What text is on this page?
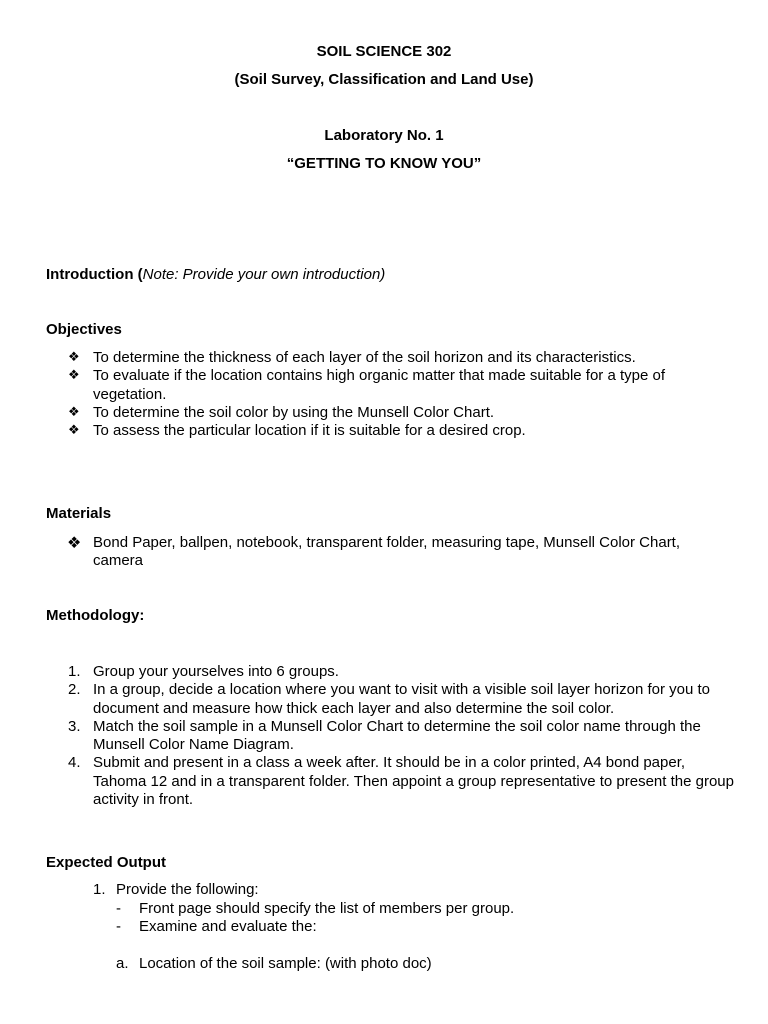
SOIL SCIENCE 302
(Soil Survey, Classification and Land Use)
Laboratory No. 1
“GETTING TO KNOW YOU”
Introduction (Note: Provide your own introduction)
Objectives
❖ To determine the thickness of each layer of the soil horizon and its characteristics.
❖ To evaluate if the location contains high organic matter that made suitable for a type of vegetation.
❖ To determine the soil color by using the Munsell Color Chart.
❖ To assess the particular location if it is suitable for a desired crop.
Materials
❖ Bond Paper, ballpen, notebook, transparent folder, measuring tape, Munsell Color Chart, camera
Methodology:
1. Group your yourselves into 6 groups.
2. In a group, decide a location where you want to visit with a visible soil layer horizon for you to document and measure how thick each layer and also determine the soil color.
3. Match the soil sample in a Munsell Color Chart to determine the soil color name through the Munsell Color Name Diagram.
4. Submit and present in a class a week after. It should be in a color printed, A4 bond paper, Tahoma 12 and in a transparent folder. Then appoint a group representative to present the group activity in front.
Expected Output
1. Provide the following:
- Front page should specify the list of members per group.
- Examine and evaluate the:
a. Location of the soil sample: (with photo doc)
